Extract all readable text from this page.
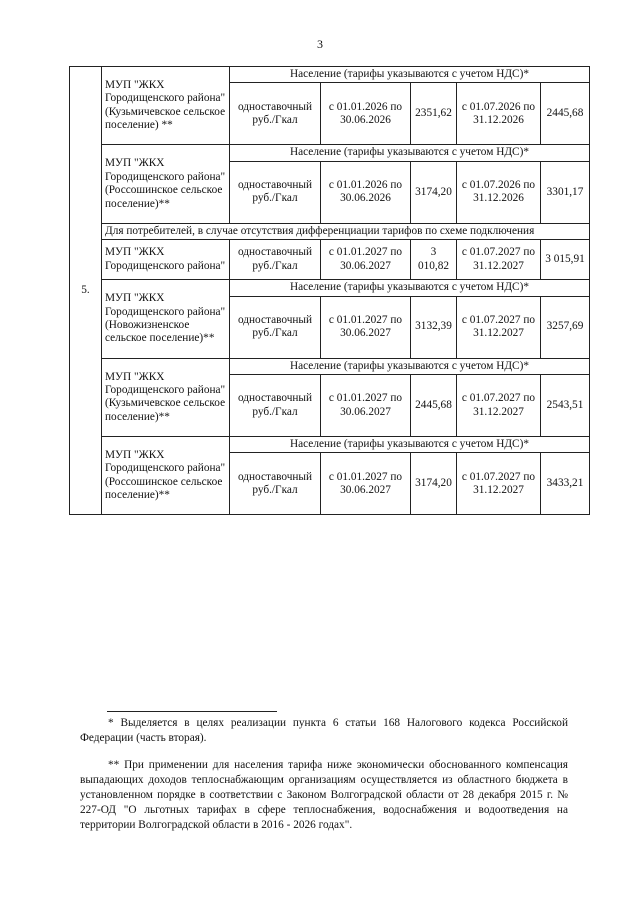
3
5.	МУП "ЖКХ Городищенского района" (Кузьмичевское сельское поселение) **	Население (тарифы указываются с учетом НДС)*				
		одноставочный руб./Гкал	с 01.01.2026 по 30.06.2026	2351,62	с 01.07.2026 по 31.12.2026	2445,68
	МУП "ЖКХ Городищенского района" (Россошинское сельское поселение)**	Население (тарифы указываются с учетом НДС)*				
		одноставочный руб./Гкал	с 01.01.2026 по 30.06.2026	3174,20	с 01.07.2026 по 31.12.2026	3301,17
	Для потребителей, в случае отсутствия дифференциации тарифов по схеме подключения					
	МУП "ЖКХ Городищенского района"	одноставочный руб./Гкал	с 01.01.2027 по 30.06.2027	3 010,82	с 01.07.2027 по 31.12.2027	3 015,91
	МУП "ЖКХ Городищенского района" (Новожизненское сельское поселение)**	Население (тарифы указываются с учетом НДС)*				
		одноставочный руб./Гкал	с 01.01.2027 по 30.06.2027	3132,39	с 01.07.2027 по 31.12.2027	3257,69
	МУП "ЖКХ Городищенского района" (Кузьмичевское сельское поселение)**	Население (тарифы указываются с учетом НДС)*				
		одноставочный руб./Гкал	с 01.01.2027 по 30.06.2027	2445,68	с 01.07.2027 по 31.12.2027	2543,51
	МУП "ЖКХ Городищенского района" (Россошинское сельское поселение)**	Население (тарифы указываются с учетом НДС)*				
		одноставочный руб./Гкал	с 01.01.2027 по 30.06.2027	3174,20	с 01.07.2027 по 31.12.2027	3433,21
* Выделяется в целях реализации пункта 6 статьи 168 Налогового кодекса Российской Федерации (часть вторая).
** При применении для населения тарифа ниже экономически обоснованного компенсация выпадающих доходов теплоснабжающим организациям осуществляется из областного бюджета в установленном порядке в соответствии с Законом Волгоградской области от 28 декабря 2015 г. № 227-ОД "О льготных тарифах в сфере теплоснабжения, водоснабжения и водоотведения на территории Волгоградской области в 2016 - 2026 годах".
